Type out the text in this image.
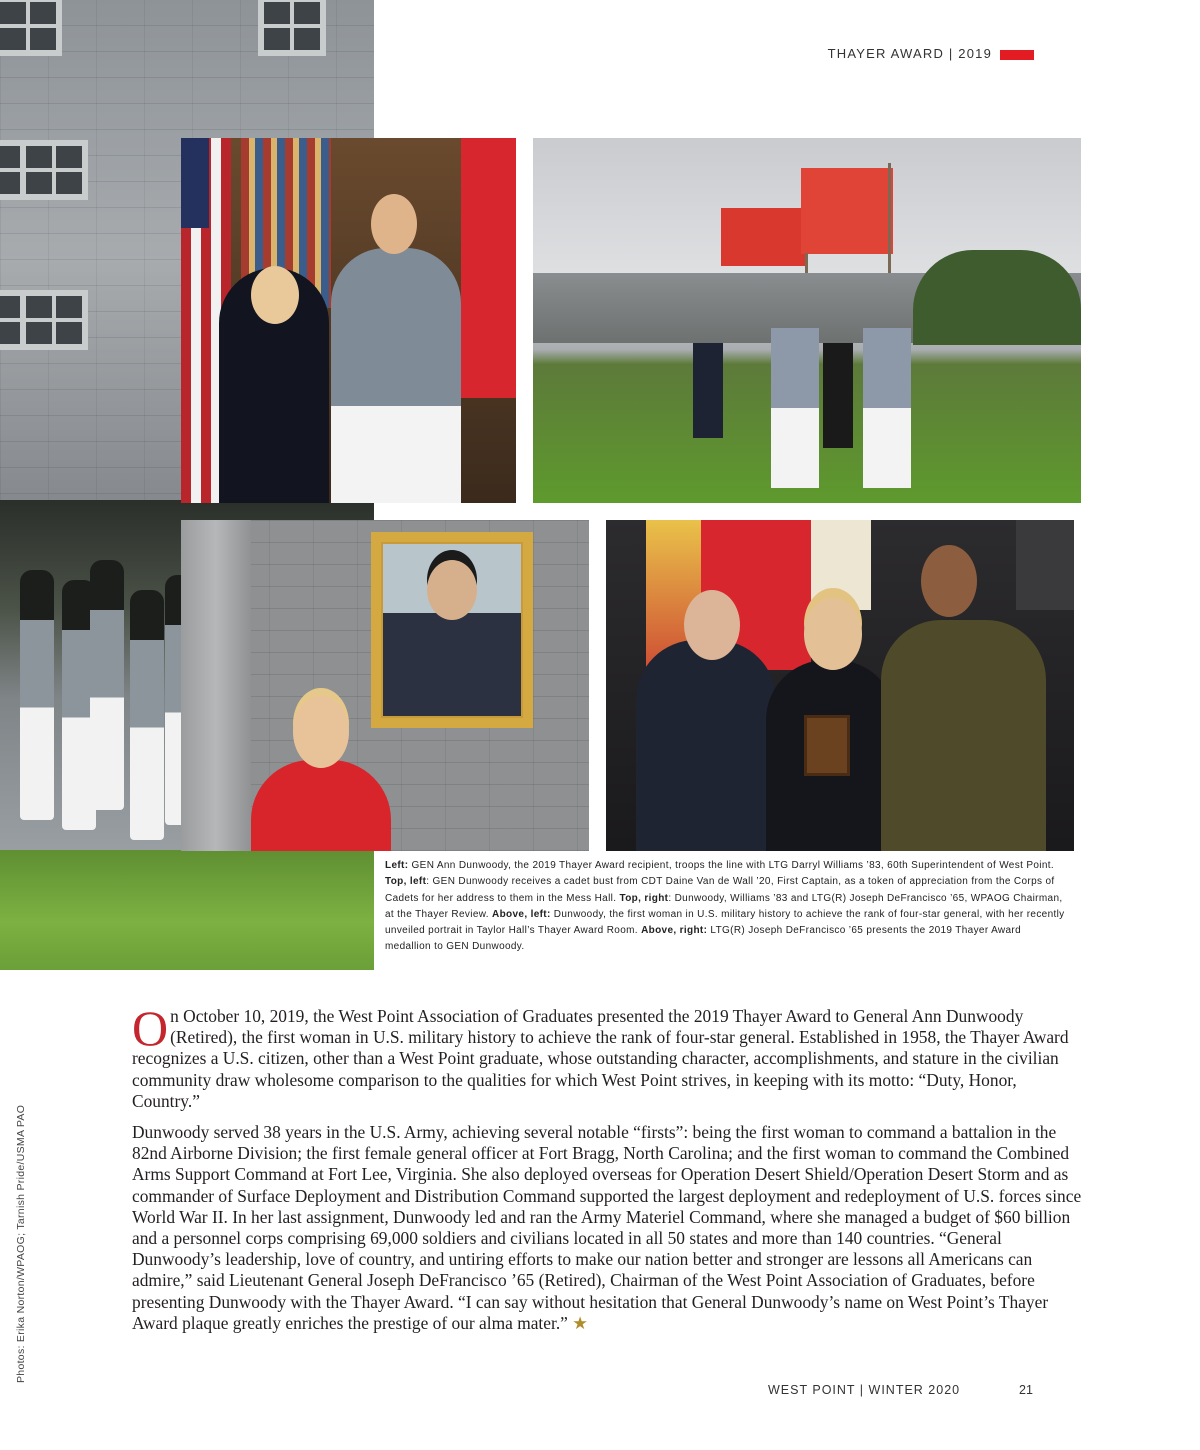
THAYER AWARD | 2019
Left: GEN Ann Dunwoody, the 2019 Thayer Award recipient, troops the line with LTG Darryl Williams ’83, 60th Superintendent of West Point. Top, left: GEN Dunwoody receives a cadet bust from CDT Daine Van de Wall ’20, First Captain, as a token of appreciation from the Corps of Cadets for her address to them in the Mess Hall. Top, right: Dunwoody, Williams ’83 and LTG(R) Joseph DeFrancisco ’65, WPAOG Chairman, at the Thayer Review. Above, left: Dunwoody, the first woman in U.S. military history to achieve the rank of four-star general, with her recently unveiled portrait in Taylor Hall’s Thayer Award Room. Above, right: LTG(R) Joseph DeFrancisco ’65 presents the 2019 Thayer Award medallion to GEN Dunwoody.

On October 10, 2019, the West Point Association of Graduates presented the 2019 Thayer Award to General Ann Dunwoody (Retired), the first woman in U.S. military history to achieve the rank of four-star general. Established in 1958, the Thayer Award recognizes a U.S. citizen, other than a West Point graduate, whose outstanding character, accomplishments, and stature in the civilian community draw wholesome comparison to the qualities for which West Point strives, in keeping with its motto: “Duty, Honor, Country.”

Dunwoody served 38 years in the U.S. Army, achieving several notable “firsts”: being the first woman to command a battalion in the 82nd Airborne Division; the first female general officer at Fort Bragg, North Carolina; and the first woman to command the Combined Arms Support Command at Fort Lee, Virginia. She also deployed overseas for Operation Desert Shield/Operation Desert Storm and as commander of Surface Deployment and Distribution Command supported the largest deployment and redeployment of U.S. forces since World War II. In her last assignment, Dunwoody led and ran the Army Materiel Command, where she managed a budget of $60 billion and a personnel corps comprising 69,000 soldiers and civilians located in all 50 states and more than 140 countries. “General Dunwoody’s leadership, love of country, and untiring efforts to make our nation better and stronger are lessons all Americans can admire,” said Lieutenant General Joseph DeFrancisco ’65 (Retired), Chairman of the West Point Association of Graduates, before presenting Dunwoody with the Thayer Award. “I can say without hesitation that General Dunwoody’s name on West Point’s Thayer Award plaque greatly enriches the prestige of our alma mater.” ★

Photos: Erika Norton/WPAOG; Tarnish Pride/USMA PAO
WEST POINT | WINTER 2020	21
